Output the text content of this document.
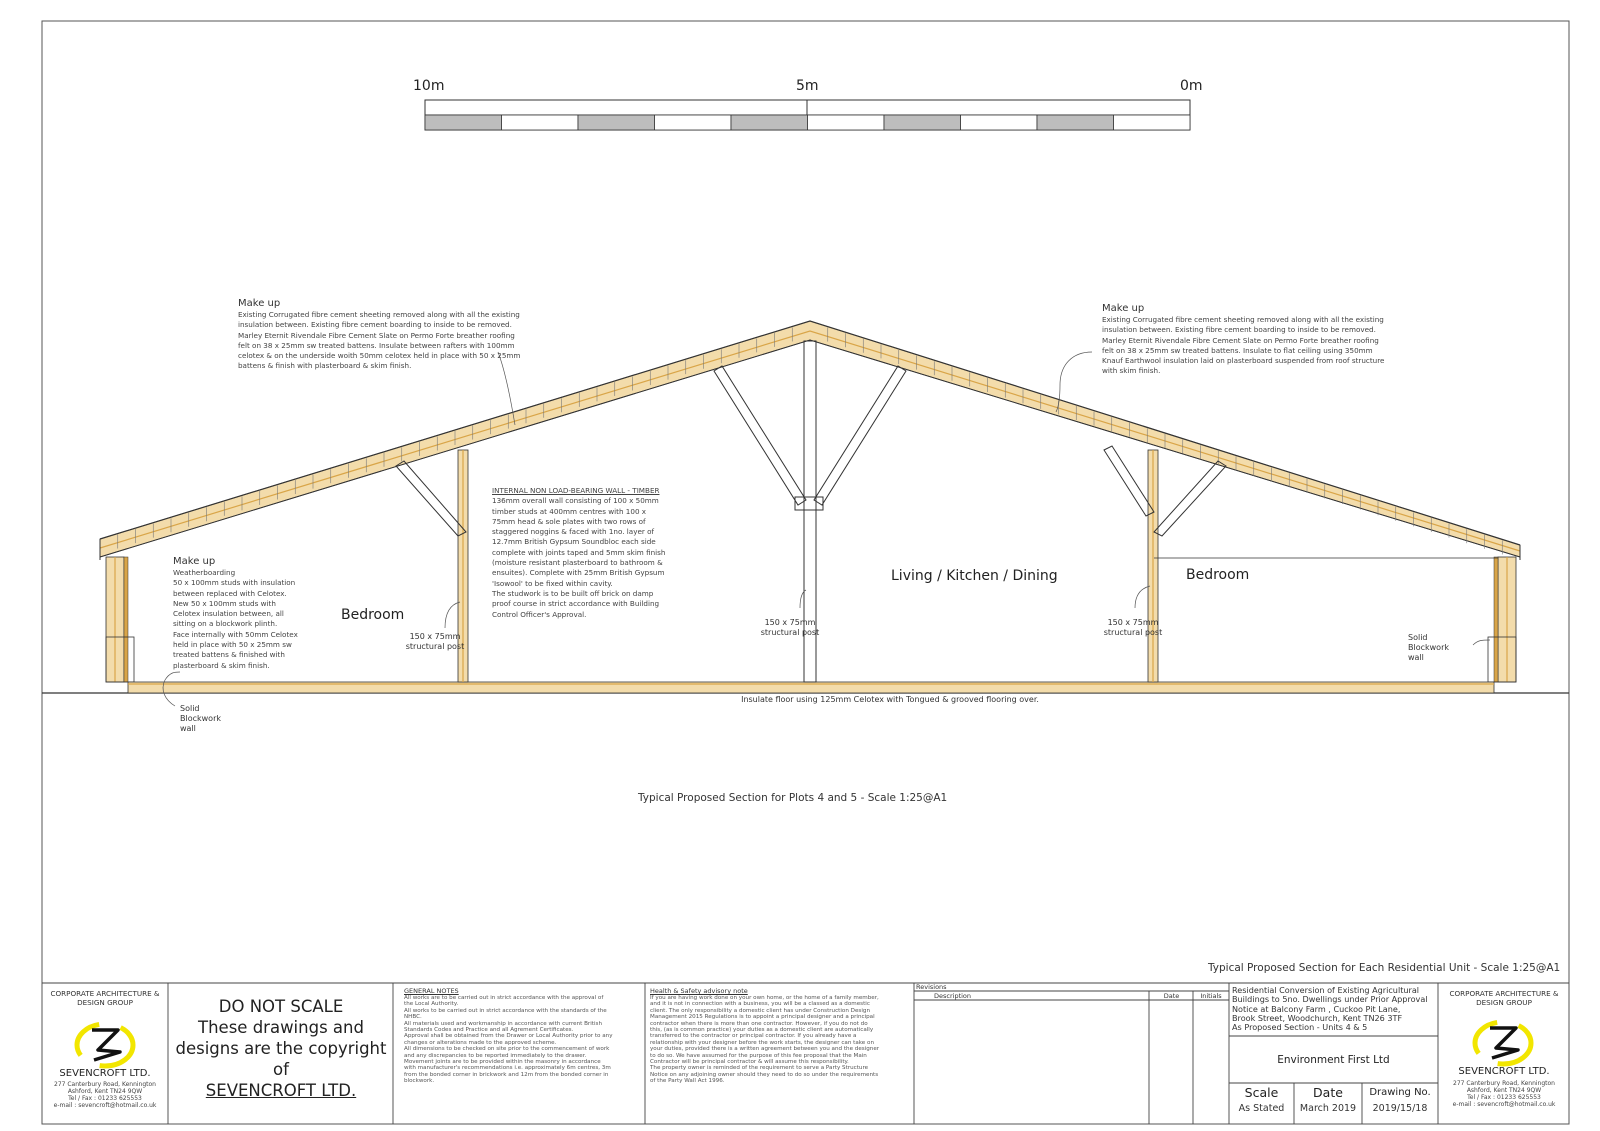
10m	5m	0m
Make up
Existing Corrugated fibre cement sheeting removed along with all the existing
insulation between. Existing fibre cement boarding to inside to be removed.
Marley Eternit Rivendale Fibre Cement Slate on Permo Forte breather roofing
felt on 38 x 25mm sw treated battens. Insulate between rafters with 100mm
celotex & on the underside woith 50mm celotex held in place with 50 x 25mm
battens & finish with plasterboard & skim finish.
Make up
Existing Corrugated fibre cement sheeting removed along with all the existing
insulation between. Existing fibre cement boarding to inside to be removed.
Marley Eternit Rivendale Fibre Cement Slate on Permo Forte breather roofing
felt on 38 x 25mm sw treated battens. Insulate to flat ceiling using 350mm
Knauf Earthwool insulation laid on plasterboard suspended from roof structure
with skim finish.
Make up
Weatherboarding
50 x 100mm studs with insulation
between replaced with Celotex.
New 50 x 100mm studs with
Celotex insulation between, all
sitting on a blockwork plinth.
Face internally with 50mm Celotex
held in place with 50 x 25mm sw
treated battens & finished with
plasterboard & skim finish.
INTERNAL NON LOAD-BEARING WALL - TIMBER
136mm overall wall consisting of 100 x 50mm
timber studs at 400mm centres with 100 x
75mm head & sole plates with two rows of
staggered noggins & faced with 1no. layer of
12.7mm British Gypsum Soundbloc each side
complete with joints taped and 5mm skim finish
(moisture resistant plasterboard to bathroom &
ensuites). Complete with 25mm British Gypsum
'Isowool' to be fixed within cavity.
The studwork is to be built off brick on damp
proof course in strict accordance with Building
Control Officer's Approval.
150 x 75mm
structural post
150 x 75mm
structural post
150 x 75mm
structural post
Solid
Blockwork
wall
Solid
Blockwork
wall
Insulate floor using 125mm Celotex with Tongued & grooved flooring over.
Bedroom
Living / Kitchen / Dining	Bedroom
Typical Proposed Section for Plots 4 and 5 - Scale 1:25@A1
Typical Proposed Section for Each Residential Unit - Scale 1:25@A1
CORPORATE ARCHITECTURE &
DESIGN GROUP
SEVENCROFT LTD.
277 Canterbury Road, Kennington
Ashford, Kent TN24 9QW
Tel / Fax : 01233 625553
e-mail : sevencroft@hotmail.co.uk
DO NOT SCALE
These drawings and
designs are the copyright
of
SEVENCROFT LTD.
GENERAL NOTES
All works are to be carried out in strict accordance with the approval of
the Local Authority.
All works to be carried out in strict accordance with the standards of the
NHBC.
All materials used and workmanship in accordance with current British
Standards Codes and Practice and all Agrement Certificates.
Approval shall be obtained from the Drawer or Local Authority prior to any
changes or alterations made to the approved scheme.
All dimensions to be checked on site prior to the commencement of work
and any discrepancies to be reported immediately to the drawer.
Movement joints are to be provided within the masonry in accordance
with manufacturer's recommendations i.e. approximately 6m centres, 3m
from the bonded corner in brickwork and 12m from the bonded corner in
blockwork.
Health & Safety advisory note
If you are having work done on your own home, or the home of a family member,
and it is not in connection with a business, you will be a classed as a domestic
client. The only responsibility a domestic client has under Construction Design
Management 2015 Regulations is to appoint a principal designer and a principal
contractor when there is more than one contractor. However, if you do not do
this, (as is common practice) your duties as a domestic client are automatically
transferred to the contractor or principal contractor. If you already have a
relationship with your designer before the work starts, the designer can take on
your duties, provided there is a written agreement between you and the designer
to do so. We have assumed for the purpose of this fee proposal that the Main
Contractor will be principal contractor & will assume this responsibility.
The property owner is reminded of the requirement to serve a Party Structure
Notice on any adjoining owner should they need to do so under the requirements
of the Party Wall Act 1996.
Revisions
Description	Date	Initials
Residential Conversion of Existing Agricultural
Buildings to 5no. Dwellings under Prior Approval
Notice at Balcony Farm , Cuckoo Pit Lane,
Brook Street, Woodchurch, Kent TN26 3TF
As Proposed Section - Units 4 & 5
Environment First Ltd
Scale
As Stated
Date
March 2019
Drawing No.
2019/15/18
CORPORATE ARCHITECTURE &
DESIGN GROUP
SEVENCROFT LTD.
277 Canterbury Road, Kennington
Ashford, Kent TN24 9QW
Tel / Fax : 01233 625553
e-mail : sevencroft@hotmail.co.uk
